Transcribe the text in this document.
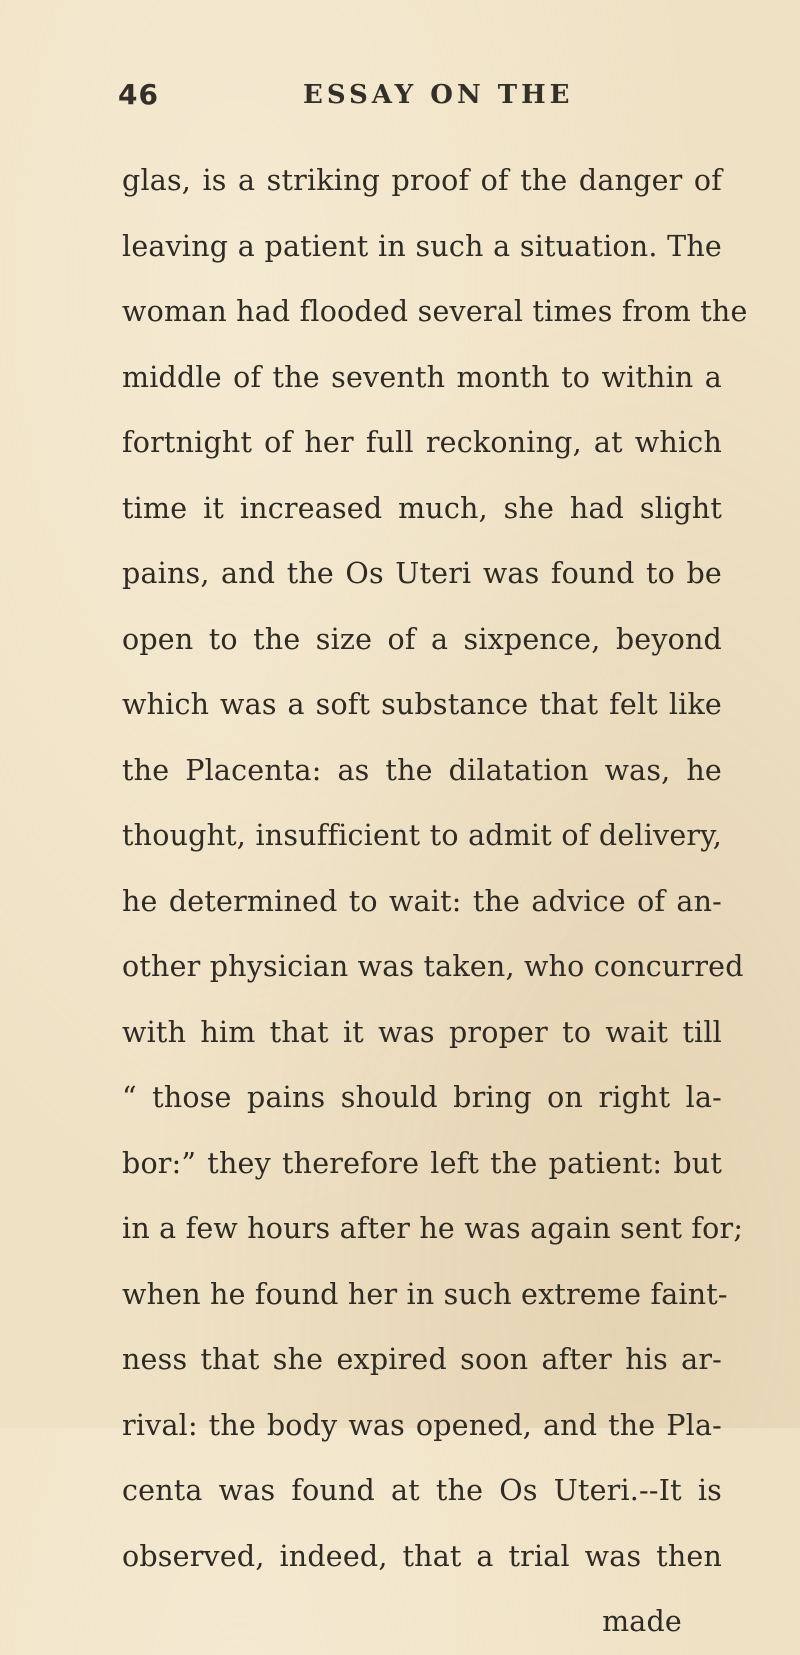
46	ESSAY ON THE
glas, is a striking proof of the danger of
leaving a patient in such a situation. The
woman had flooded several times from the
middle of the seventh month to within a
fortnight of her full reckoning, at which
time it increased much, she had slight
pains, and the Os Uteri was found to be
open to the size of a sixpence, beyond
which was a soft substance that felt like
the Placenta: as the dilatation was, he
thought, insufficient to admit of delivery,
he determined to wait: the advice of an-
other physician was taken, who concurred
with him that it was proper to wait till
“ those pains should bring on right la-
bor:” they therefore left the patient: but
in a few hours after he was again sent for;
when he found her in such extreme faint-
ness that she expired soon after his ar-
rival: the body was opened, and the Pla-
centa was found at the Os Uteri.--It is
observed, indeed, that a trial was then
made
